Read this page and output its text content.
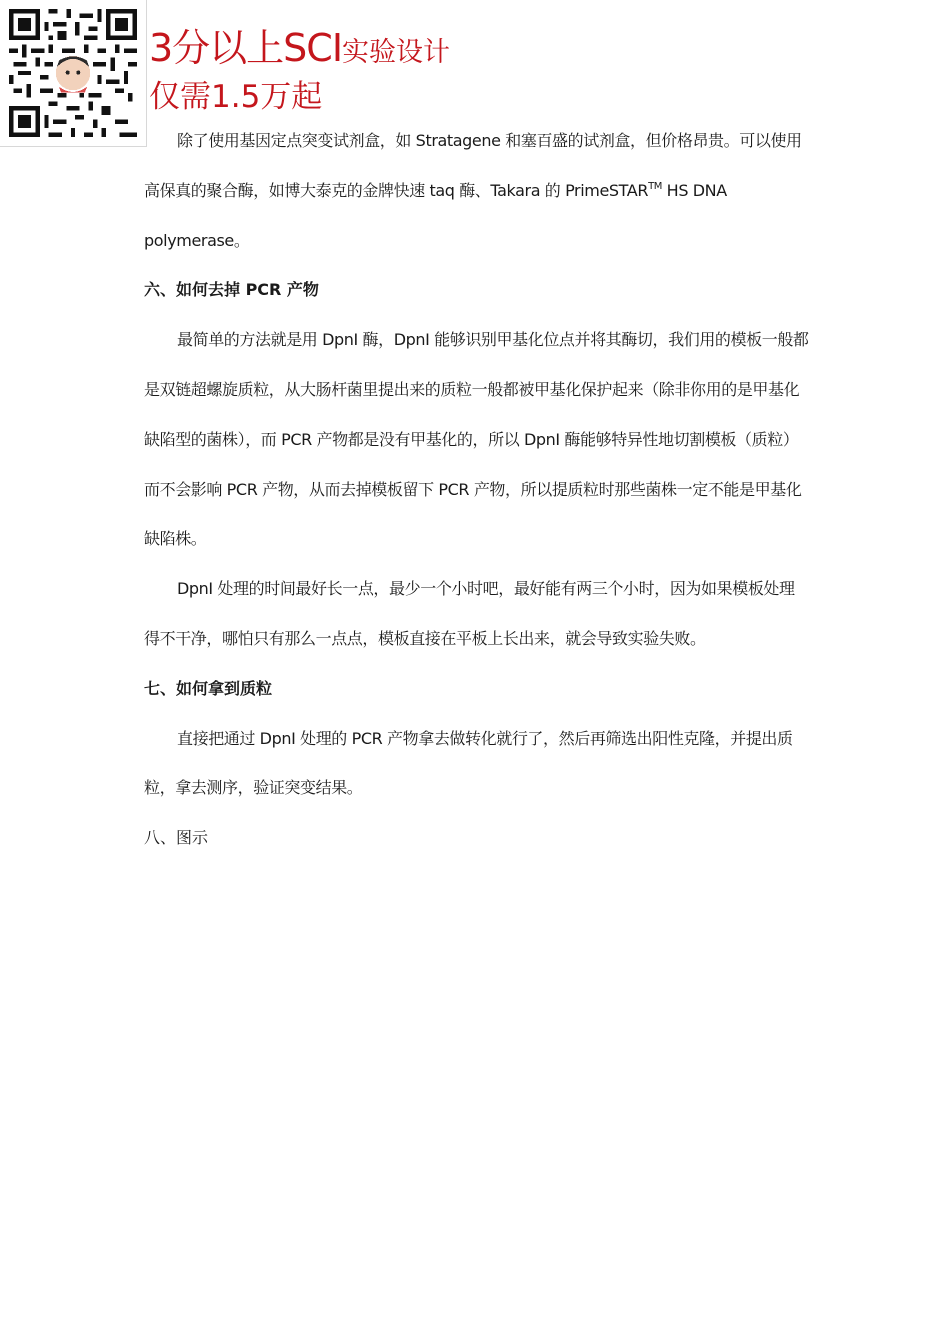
3分以上SCI实验设计
仅需1.5万起

除了使用基因定点突变试剂盒，如 Stratagene 和塞百盛的试剂盒，但价格昂贵。可以使用高保真的聚合酶，如博大泰克的金牌快速 taq 酶、Takara 的 PrimeSTAR™ HS DNA polymerase。

六、如何去掉 PCR 产物

最简单的方法就是用 DpnI 酶，DpnI 能够识别甲基化位点并将其酶切，我们用的模板一般都是双链超螺旋质粒，从大肠杆菌里提出来的质粒一般都被甲基化保护起来（除非你用的是甲基化缺陷型的菌株），而 PCR 产物都是没有甲基化的，所以 DpnI 酶能够特异性地切割模板（质粒）而不会影响 PCR 产物，从而去掉模板留下 PCR 产物，所以提质粒时那些菌株一定不能是甲基化缺陷株。

DpnI 处理的时间最好长一点，最少一个小时吧，最好能有两三个小时，因为如果模板处理得不干净，哪怕只有那么一点点，模板直接在平板上长出来，就会导致实验失败。

七、如何拿到质粒

直接把通过 DpnI 处理的 PCR 产物拿去做转化就行了，然后再筛选出阳性克隆，并提出质粒，拿去测序，验证突变结果。

八、图示
